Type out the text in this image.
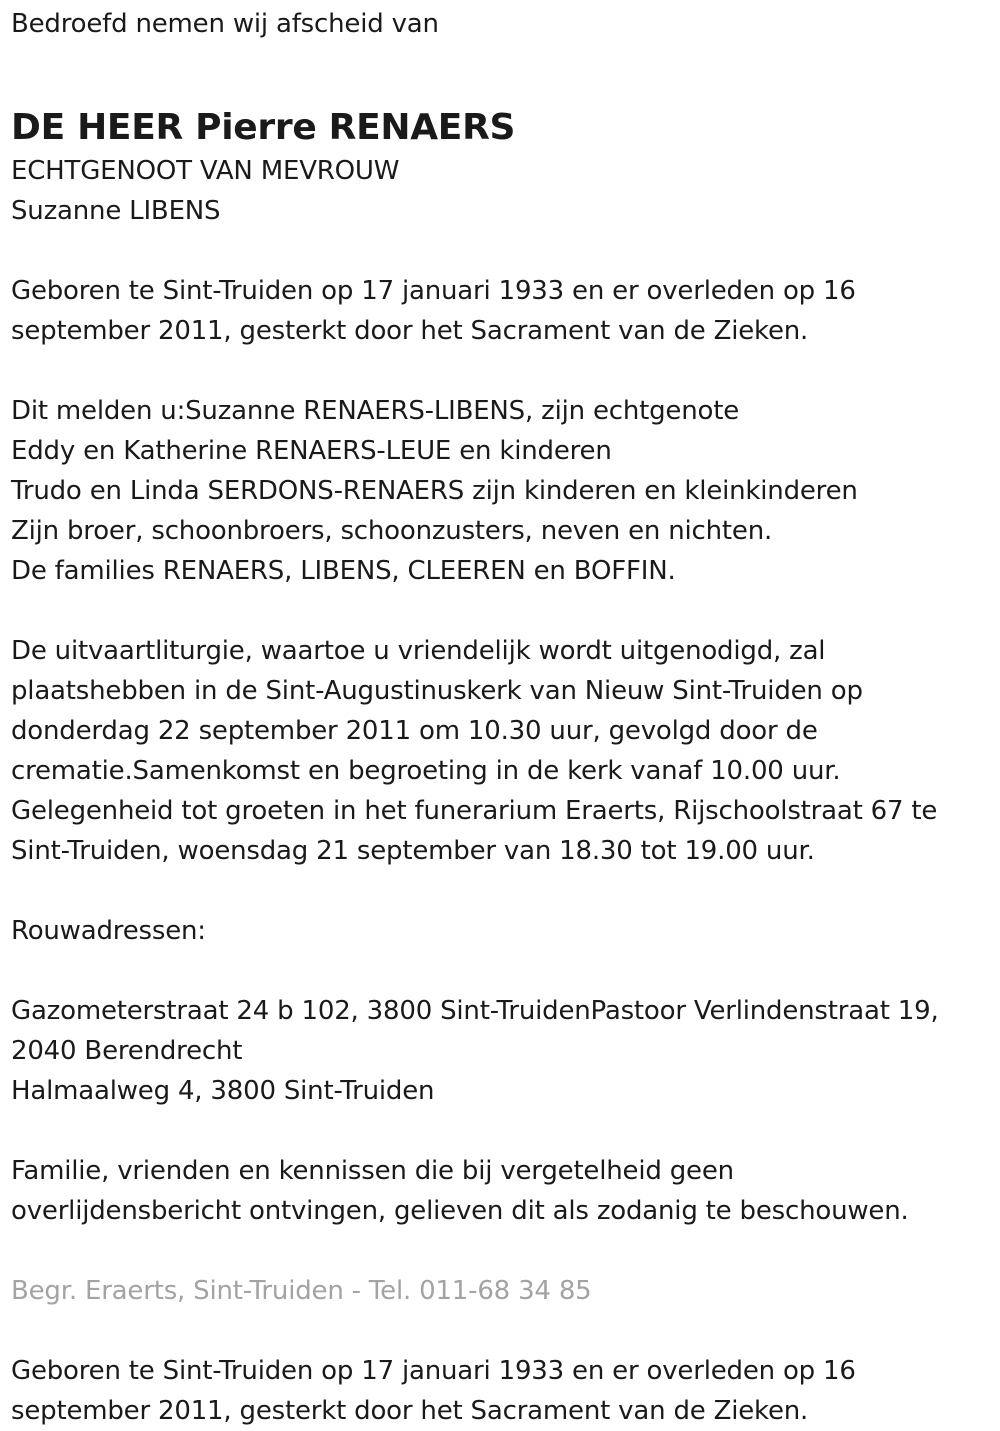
Bedroefd nemen wij afscheid van
DE HEER Pierre RENAERS
ECHTGENOOT VAN MEVROUW
Suzanne LIBENS
Geboren te Sint-Truiden op 17 januari 1933 en er overleden op 16
september 2011, gesterkt door het Sacrament van de Zieken.
Dit melden u:Suzanne RENAERS-LIBENS, zijn echtgenote
Eddy en Katherine RENAERS-LEUE en kinderen
Trudo en Linda SERDONS-RENAERS zijn kinderen en kleinkinderen
Zijn broer, schoonbroers, schoonzusters, neven en nichten.
De families RENAERS, LIBENS, CLEEREN en BOFFIN.
De uitvaartliturgie, waartoe u vriendelijk wordt uitgenodigd, zal
plaatshebben in de Sint-Augustinuskerk van Nieuw Sint-Truiden op
donderdag 22 september 2011 om 10.30 uur, gevolgd door de
crematie.Samenkomst en begroeting in de kerk vanaf 10.00 uur.
Gelegenheid tot groeten in het funerarium Eraerts, Rijschoolstraat 67 te
Sint-Truiden, woensdag 21 september van 18.30 tot 19.00 uur.
Rouwadressen:
Gazometerstraat 24 b 102, 3800 Sint-TruidenPastoor Verlindenstraat 19,
2040 Berendrecht
Halmaalweg 4, 3800 Sint-Truiden
Familie, vrienden en kennissen die bij vergetelheid geen
overlijdensbericht ontvingen, gelieven dit als zodanig te beschouwen.
Begr. Eraerts, Sint-Truiden - Tel. 011-68 34 85
Geboren te Sint-Truiden op 17 januari 1933 en er overleden op 16
september 2011, gesterkt door het Sacrament van de Zieken.
